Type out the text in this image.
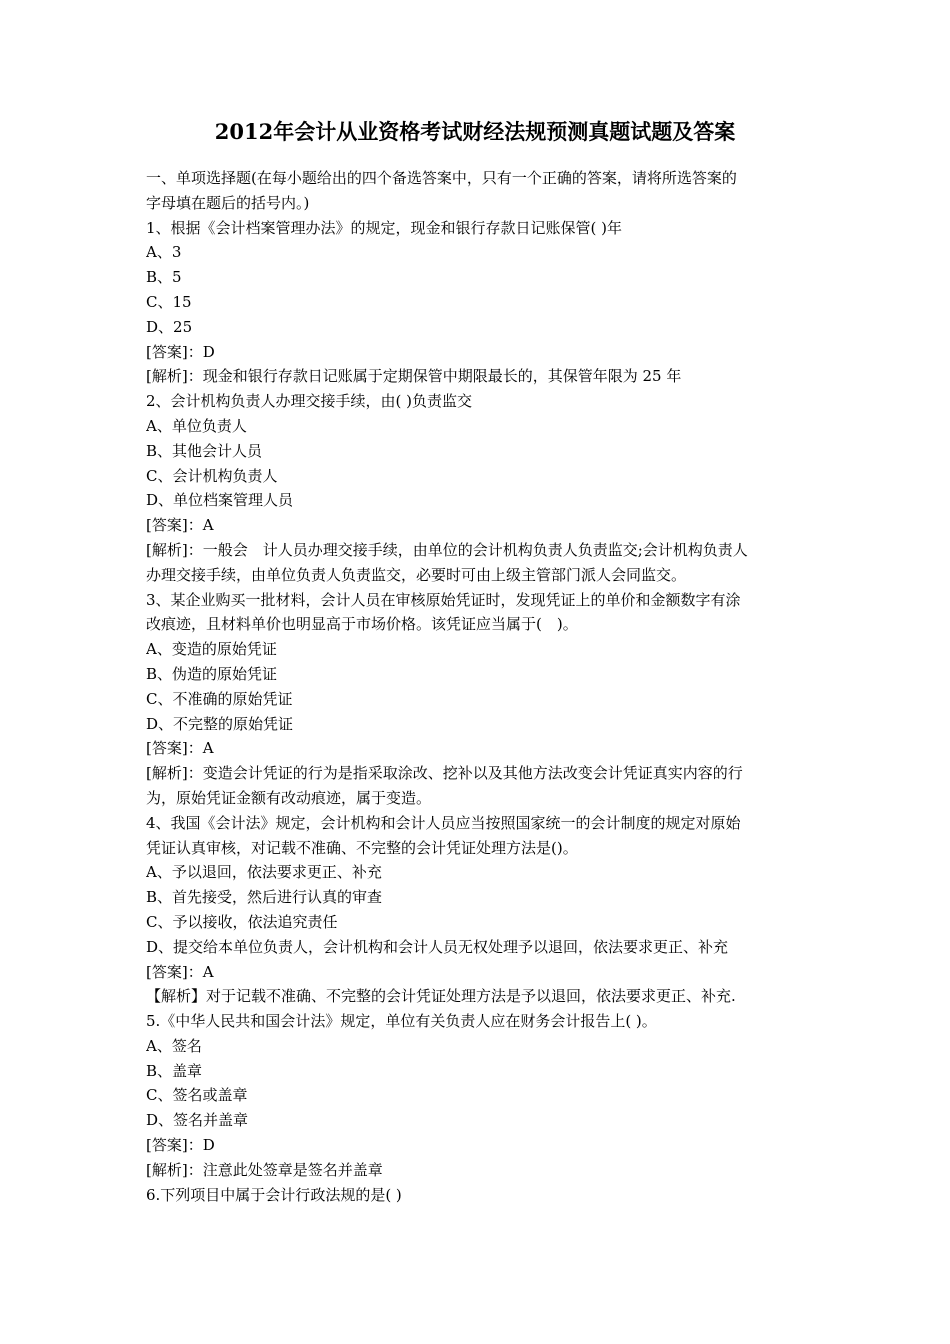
2012年会计从业资格考试财经法规预测真题试题及答案
一、单项选择题(在每小题给出的四个备选答案中，只有一个正确的答案，请将所选答案的
字母填在题后的括号内。)
1、根据《会计档案管理办法》的规定，现金和银行存款日记账保管( )年
A、3
B、5
C、15
D、25
[答案]：D
[解析]：现金和银行存款日记账属于定期保管中期限最长的，其保管年限为 25 年
2、会计机构负责人办理交接手续，由( )负责监交
A、单位负责人
B、其他会计人员
C、会计机构负责人
D、单位档案管理人员
[答案]：A
[解析]：一般会　计人员办理交接手续，由单位的会计机构负责人负责监交;会计机构负责人
办理交接手续，由单位负责人负责监交，必要时可由上级主管部门派人会同监交。
3、某企业购买一批材料，会计人员在审核原始凭证时，发现凭证上的单价和金额数字有涂
改痕迹，且材料单价也明显高于市场价格。该凭证应当属于(　)。
A、变造的原始凭证
B、伪造的原始凭证
C、不准确的原始凭证
D、不完整的原始凭证
[答案]：A
[解析]：变造会计凭证的行为是指采取涂改、挖补以及其他方法改变会计凭证真实内容的行
为，原始凭证金额有改动痕迹，属于变造。
4、我国《会计法》规定，会计机构和会计人员应当按照国家统一的会计制度的规定对原始
凭证认真审核，对记载不准确、不完整的会计凭证处理方法是()。
A、予以退回，依法要求更正、补充
B、首先接受，然后进行认真的审查
C、予以接收，依法追究责任
D、提交给本单位负责人，会计机构和会计人员无权处理予以退回，依法要求更正、补充
[答案]：A
【解析】对于记载不准确、不完整的会计凭证处理方法是予以退回，依法要求更正、补充.
5.《中华人民共和国会计法》规定，单位有关负责人应在财务会计报告上( )。
A、签名
B、盖章
C、签名或盖章
D、签名并盖章
[答案]：D
[解析]：注意此处签章是签名并盖章
6.下列项目中属于会计行政法规的是( )
